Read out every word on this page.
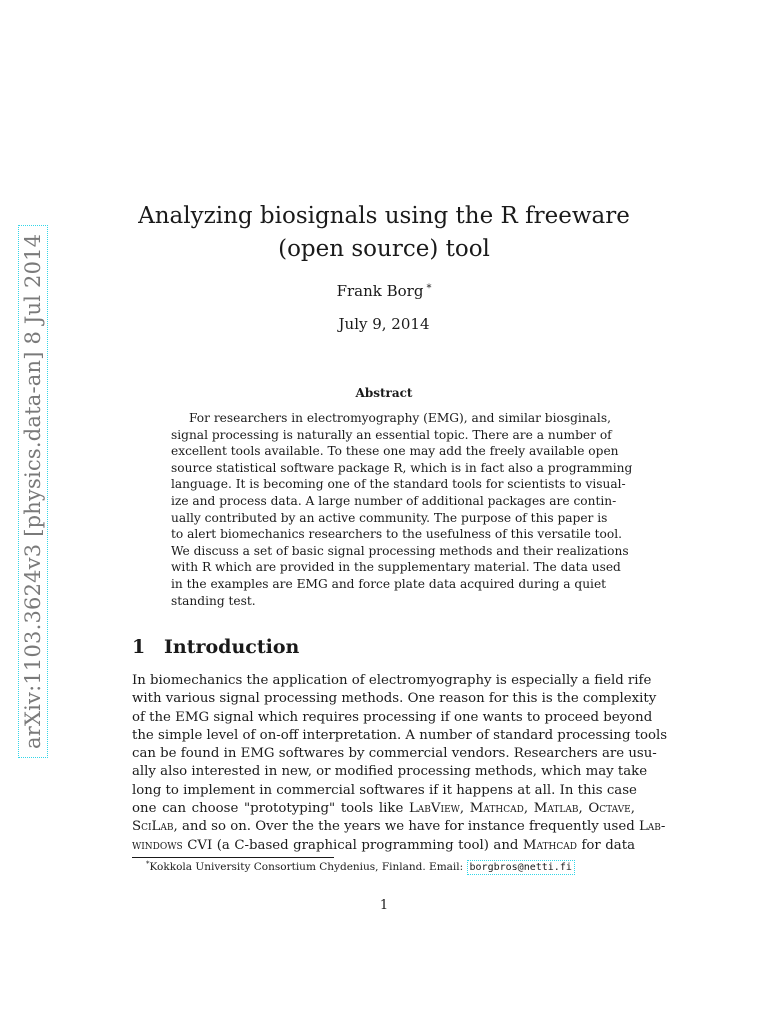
arXiv:1103.3624v3 [physics.data-an] 8 Jul 2014
Analyzing biosignals using the R freeware
(open source) tool
Frank Borg *
July 9, 2014
Abstract
For researchers in electromyography (EMG), and similar biosginals,
signal processing is naturally an essential topic. There are a number of
excellent tools available. To these one may add the freely available open
source statistical software package R, which is in fact also a programming
language. It is becoming one of the standard tools for scientists to visual-
ize and process data. A large number of additional packages are contin-
ually contributed by an active community. The purpose of this paper is
to alert biomechanics researchers to the usefulness of this versatile tool.
We discuss a set of basic signal processing methods and their realizations
with R which are provided in the supplementary material. The data used
in the examples are EMG and force plate data acquired during a quiet
standing test.
1 Introduction
In biomechanics the application of electromyography is especially a field rife
with various signal processing methods. One reason for this is the complexity
of the EMG signal which requires processing if one wants to proceed beyond
the simple level of on-off interpretation. A number of standard processing tools
can be found in EMG softwares by commercial vendors. Researchers are usu-
ally also interested in new, or modified processing methods, which may take
long to implement in commercial softwares if it happens at all. In this case
one can choose "prototyping" tools like LabView, Mathcad, Matlab, Octave,
SciLab, and so on. Over the the years we have for instance frequently used Lab-
windows CVI (a C-based graphical programming tool) and Mathcad for data
*Kokkola University Consortium Chydenius, Finland. Email: borgbros@netti.fi
1
